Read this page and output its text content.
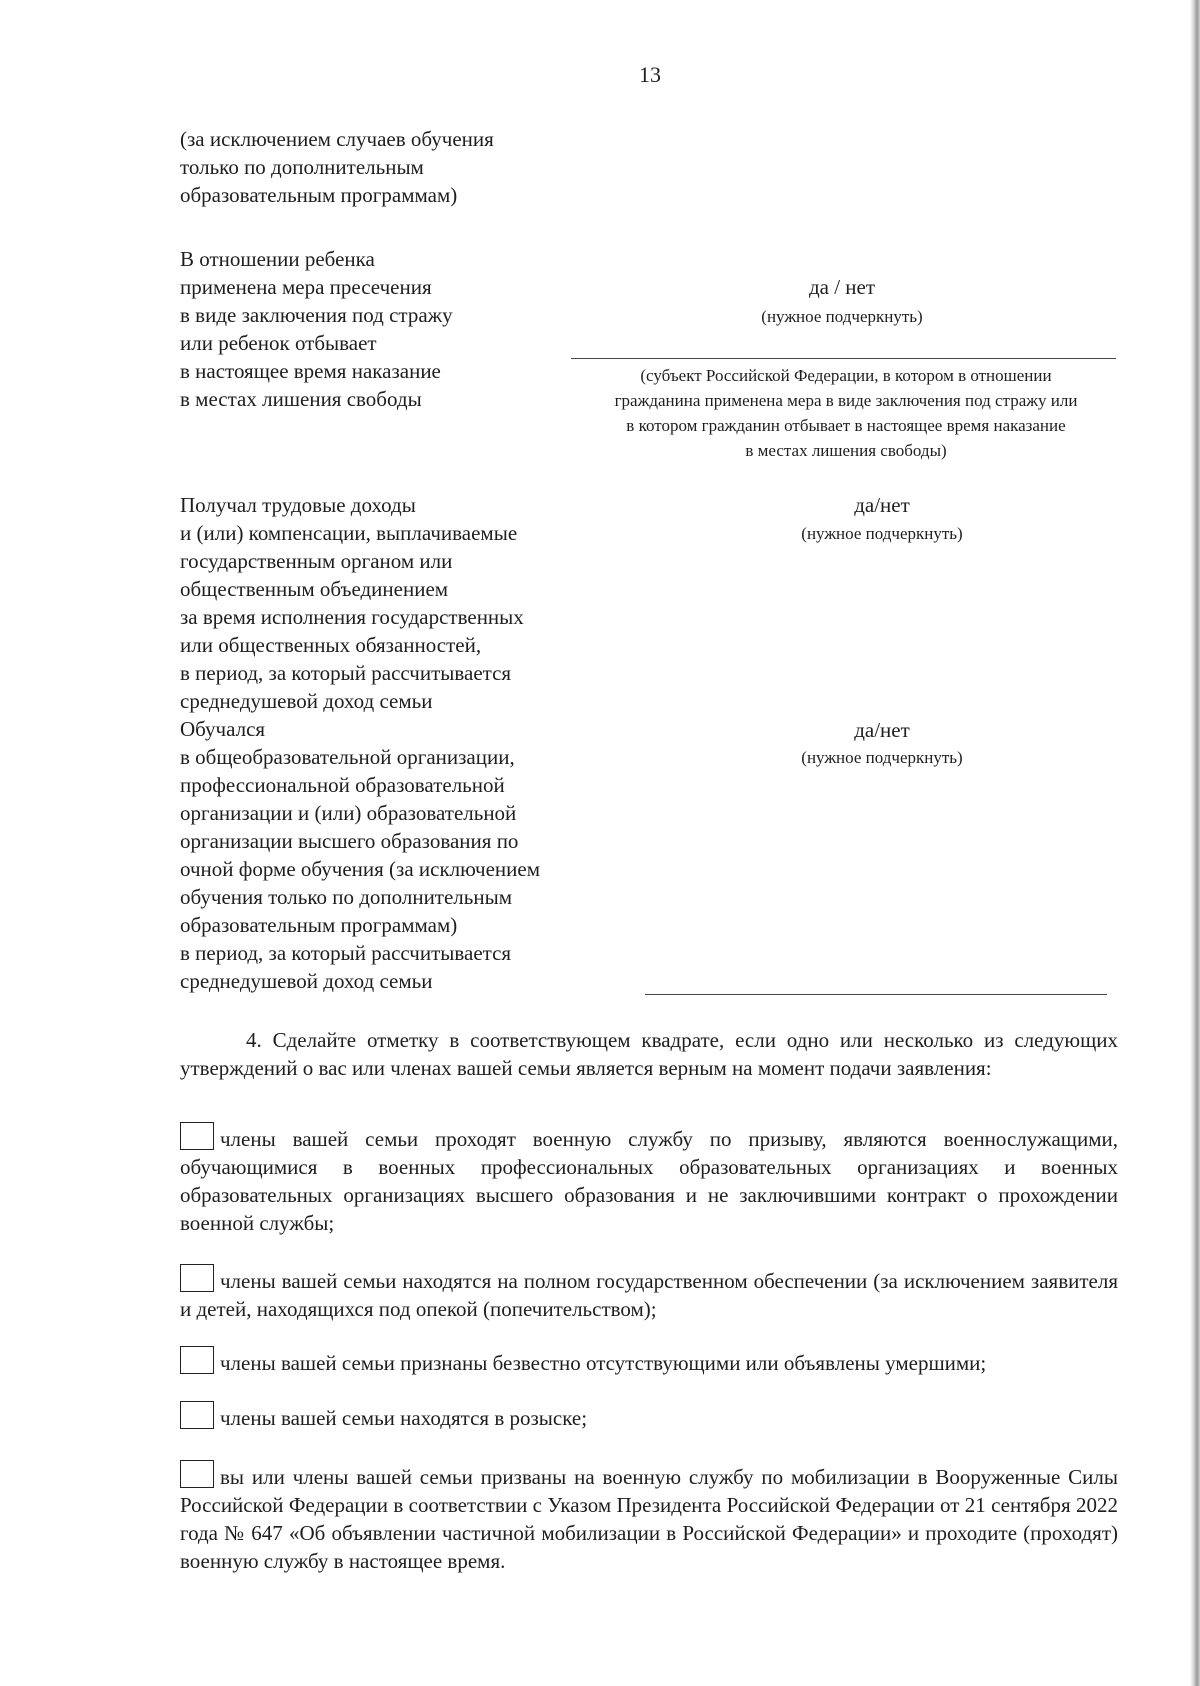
13
(за исключением случаев обучения
только по дополнительным
образовательным программам)
В отношении ребенка
применена мера пресечения
в виде заключения под стражу
или ребенок отбывает
в настоящее время наказание
в местах лишения свободы
да / нет
(нужное подчеркнуть)
(субъект Российской Федерации, в котором в отношении
гражданина применена мера в виде заключения под стражу или
в котором гражданин отбывает в настоящее время наказание
в местах лишения свободы)
Получал трудовые доходы
и (или) компенсации, выплачиваемые
государственным органом или
общественным объединением
за время исполнения государственных
или общественных обязанностей,
в период, за который рассчитывается
среднедушевой доход семьи
да/нет
(нужное подчеркнуть)
Обучался
в общеобразовательной организации,
профессиональной образовательной
организации и (или) образовательной
организации высшего образования по
очной форме обучения (за исключением
обучения только по дополнительным
образовательным программам)
в период, за который рассчитывается
среднедушевой доход семьи
да/нет
(нужное подчеркнуть)
4. Сделайте отметку в соответствующем квадрате, если одно или несколько из следующих утверждений о вас или членах вашей семьи является верным на момент подачи заявления:
члены вашей семьи проходят военную службу по призыву, являются военнослужащими, обучающимися в военных профессиональных образовательных организациях и военных образовательных организациях высшего образования и не заключившими контракт о прохождении военной службы;
члены вашей семьи находятся на полном государственном обеспечении (за исключением заявителя и детей, находящихся под опекой (попечительством);
члены вашей семьи признаны безвестно отсутствующими или объявлены умершими;
члены вашей семьи находятся в розыске;
вы или члены вашей семьи призваны на военную службу по мобилизации в Вооруженные Силы Российской Федерации в соответствии с Указом Президента Российской Федерации от 21 сентября 2022 года № 647 «Об объявлении частичной мобилизации в Российской Федерации» и проходите (проходят) военную службу в настоящее время.
